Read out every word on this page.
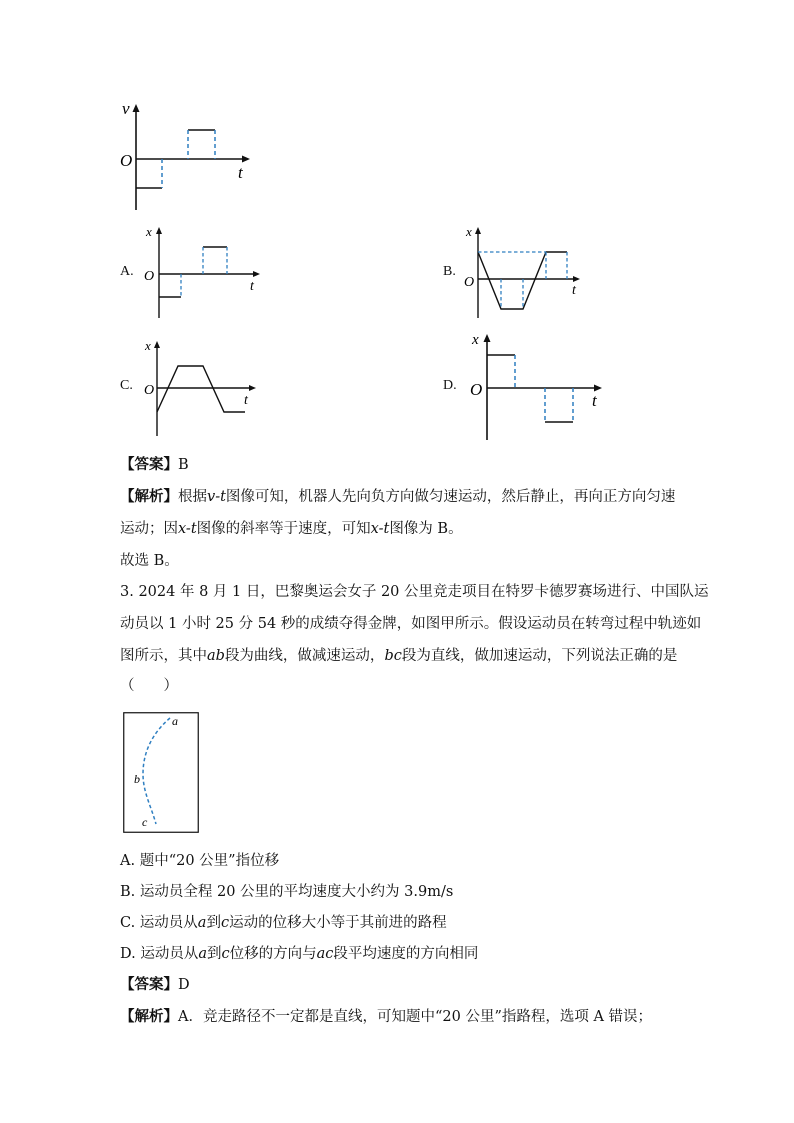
v
O
t
A.
x
O
t
B.
x
O
t
C.
x
O
t
D.
x
O
t
【答案】B
【解析】根据v-t图像可知，机器人先向负方向做匀速运动，然后静止，再向正方向匀速
运动；因x-t图像的斜率等于速度，可知x-t图像为 B。
故选 B。
3. 2024 年 8 月 1 日，巴黎奥运会女子 20 公里竞走项目在特罗卡德罗赛场进行、中国队运
动员以 1 小时 25 分 54 秒的成绩夺得金牌，如图甲所示。假设运动员在转弯过程中轨迹如
图所示，其中ab段为曲线，做减速运动，bc段为直线，做加速运动，下列说法正确的是
（　　）
a
b
c
A. 题中“20 公里”指位移
B. 运动员全程 20 公里的平均速度大小约为 3.9m/s
C. 运动员从a到c运动的位移大小等于其前进的路程
D. 运动员从a到c位移的方向与ac段平均速度的方向相同
【答案】D
【解析】A．竞走路径不一定都是直线，可知题中“20 公里”指路程，选项 A 错误；
